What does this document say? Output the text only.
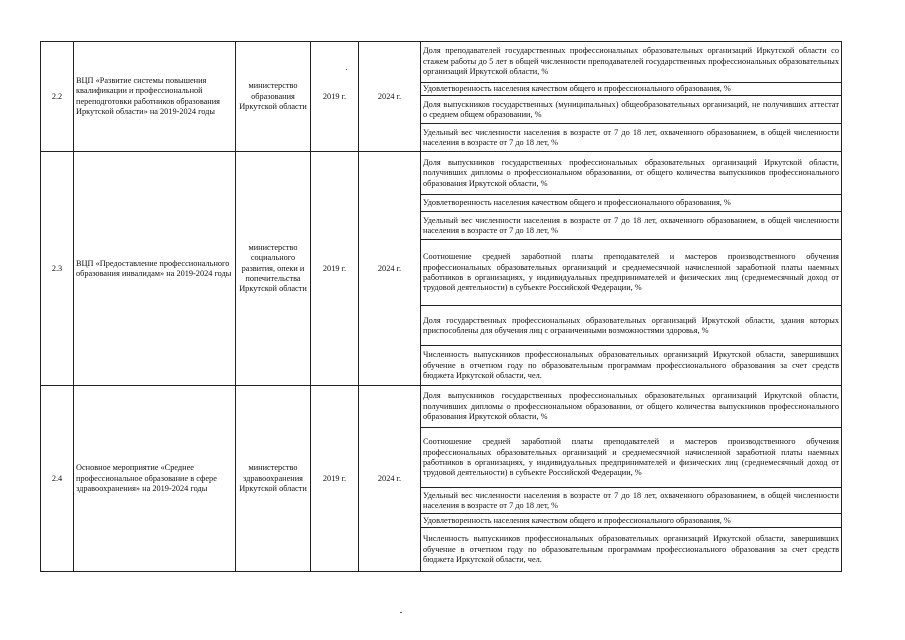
2.2	ВЦП «Развитие системы повышения квалификации и профессиональной переподготовки работников образования Иркутской области» на 2019-2024 годы	министерство образования Иркутской области	2019 г.	2024 г.	Доля преподавателей государственных профессиональных образовательных организаций Иркутской области со стажем работы до 5 лет в общей численности преподавателей государственных профессиональных образовательных организаций Иркутской области, %
					Удовлетворенность населения качеством общего и профессионального образования, %
					Доля выпускников государственных (муниципальных) общеобразовательных организаций, не получивших аттестат о среднем общем образовании, %
					Удельный вес численности населения в возрасте от 7 до 18 лет, охваченного образованием, в общей численности населения в возрасте от 7 до 18 лет, %
2.3	ВЦП «Предоставление профессионального образования инвалидам» на 2019-2024 годы	министерство социального развития, опеки и попечительства Иркутской области	2019 г.	2024 г.	Доля выпускников государственных профессиональных образовательных организаций Иркутской области, получивших дипломы о профессиональном образовании, от общего количества выпускников профессионального образования Иркутской области, %
					Удовлетворенность населения качеством общего и профессионального образования, %
					Удельный вес численности населения в возрасте от 7 до 18 лет, охваченного образованием, в общей численности населения в возрасте от 7 до 18 лет, %
					Соотношение средней заработной платы преподавателей и мастеров производственного обучения профессиональных образовательных организаций и среднемесячной начисленной заработной платы наемных работников в организациях, у индивидуальных предпринимателей и физических лиц (среднемесячный доход от трудовой деятельности) в субъекте Российской Федерации, %
					Доля государственных профессиональных образовательных организаций Иркутской области, здания которых приспособлены для обучения лиц с ограниченными возможностями здоровья, %
					Численность выпускников профессиональных образовательных организаций Иркутской области, завершивших обучение в отчетном году по образовательным программам профессионального образования за счет средств бюджета Иркутской области, чел.
2.4	Основное мероприятие «Среднее профессиональное образование в сфере здравоохранения» на 2019-2024 годы	министерство здравоохранения Иркутской области	2019 г.	2024 г.	Доля выпускников государственных профессиональных образовательных организаций Иркутской области, получивших дипломы о профессиональном образовании, от общего количества выпускников профессионального образования Иркутской области, %
					Соотношение средней заработной платы преподавателей и мастеров производственного обучения профессиональных образовательных организаций и среднемесячной начисленной заработной платы наемных работников в организациях, у индивидуальных предпринимателей и физических лиц (среднемесячный доход от трудовой деятельности) в субъекте Российской Федерации, %
					Удельный вес численности населения в возрасте от 7 до 18 лет, охваченного образованием, в общей численности населения в возрасте от 7 до 18 лет, %
					Удовлетворенность населения качеством общего и профессионального образования, %
					Численность выпускников профессиональных образовательных организаций Иркутской области, завершивших обучение в отчетном году по образовательным программам профессионального образования за счет средств бюджета Иркутской области, чел.
